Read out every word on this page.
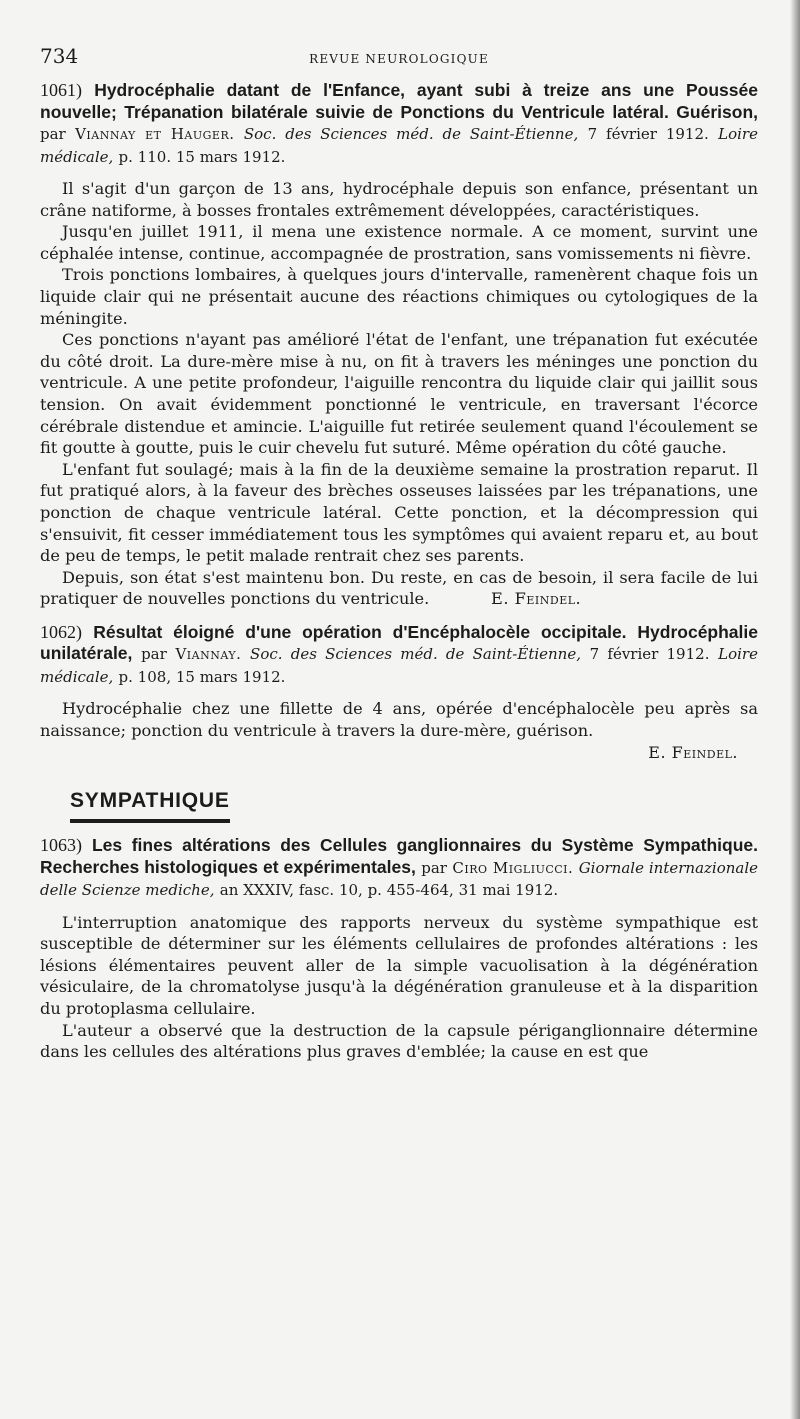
734	REVUE NEUROLOGIQUE

1061) Hydrocéphalie datant de l'Enfance, ayant subi à treize ans une Poussée nouvelle; Trépanation bilatérale suivie de Ponctions du Ventricule latéral. Guérison, par Viannay et Hauger. Soc. des Sciences méd. de Saint-Étienne, 7 février 1912. Loire médicale, p. 110. 15 mars 1912.

Il s'agit d'un garçon de 13 ans, hydrocéphale depuis son enfance, présentant un crâne natiforme, à bosses frontales extrêmement développées, caractéristiques.

Jusqu'en juillet 1911, il mena une existence normale. A ce moment, survint une céphalée intense, continue, accompagnée de prostration, sans vomissements ni fièvre.

Trois ponctions lombaires, à quelques jours d'intervalle, ramenèrent chaque fois un liquide clair qui ne présentait aucune des réactions chimiques ou cytologiques de la méningite.

Ces ponctions n'ayant pas amélioré l'état de l'enfant, une trépanation fut exécutée du côté droit. La dure-mère mise à nu, on fit à travers les méninges une ponction du ventricule. A une petite profondeur, l'aiguille rencontra du liquide clair qui jaillit sous tension. On avait évidemment ponctionné le ventricule, en traversant l'écorce cérébrale distendue et amincie. L'aiguille fut retirée seulement quand l'écoulement se fit goutte à goutte, puis le cuir chevelu fut suturé. Même opération du côté gauche.

L'enfant fut soulagé; mais à la fin de la deuxième semaine la prostration reparut. Il fut pratiqué alors, à la faveur des brèches osseuses laissées par les trépanations, une ponction de chaque ventricule latéral. Cette ponction, et la décompression qui s'ensuivit, fit cesser immédiatement tous les symptômes qui avaient reparu et, au bout de peu de temps, le petit malade rentrait chez ses parents.

Depuis, son état s'est maintenu bon. Du reste, en cas de besoin, il sera facile de lui pratiquer de nouvelles ponctions du ventricule.	E. Feindel.

1062) Résultat éloigné d'une opération d'Encéphalocèle occipitale. Hydrocéphalie unilatérale, par Viannay. Soc. des Sciences méd. de Saint-Étienne, 7 février 1912. Loire médicale, p. 108, 15 mars 1912.

Hydrocéphalie chez une fillette de 4 ans, opérée d'encéphalocèle peu après sa naissance; ponction du ventricule à travers la dure-mère, guérison.

E. Feindel.

SYMPATHIQUE

1063) Les fines altérations des Cellules ganglionnaires du Système Sympathique. Recherches histologiques et expérimentales, par Ciro Migliucci. Giornale internazionale delle Scienze mediche, an XXXIV, fasc. 10, p. 455-464, 31 mai 1912.

L'interruption anatomique des rapports nerveux du système sympathique est susceptible de déterminer sur les éléments cellulaires de profondes altérations : les lésions élémentaires peuvent aller de la simple vacuolisation à la dégénération vésiculaire, de la chromatolyse jusqu'à la dégénération granuleuse et à la disparition du protoplasma cellulaire.

L'auteur a observé que la destruction de la capsule périganglionnaire détermine dans les cellules des altérations plus graves d'emblée; la cause en est que
